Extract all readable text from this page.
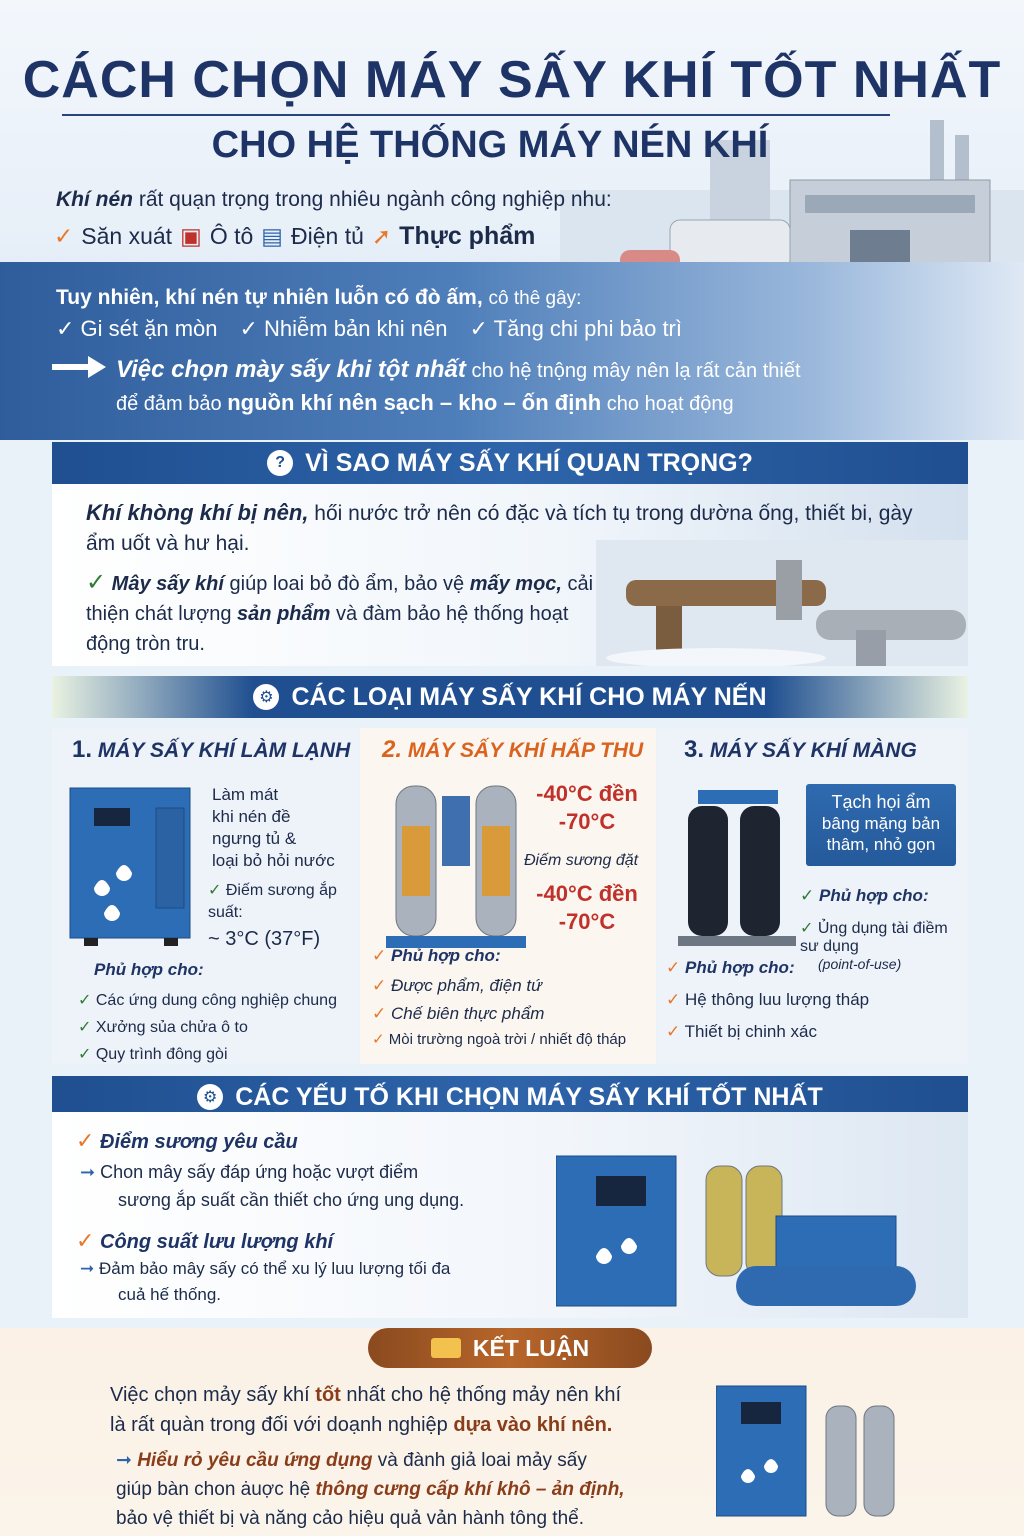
CÁCH CHỌN MÁY SẤY KHÍ TỐT NHẤT
CHO HỆ THỐNG MÁY NÉN KHÍ
Khí nén rất quạn trọng trong nhiêu ngành công nghiệp nhu:
✓ Săn xuát ▣ Ô tô ▤ Điện tủ ➚ Thực phẩm
Tuy nhiên, khí nén tự nhiên luỗn có đò ấm, cô thê gây:
✓ Gi sét ặn mòn ✓ Nhiễm bản khi nên ✓ Tăng chi phi bảo trì
Việc chọn mày sấy khi tột nhất cho hệ tnộng mây nên lạ rất cản thiết
để đảm bảo nguồn khí nên sạch – kho – ốn định cho hoạt động
? VÌ SAO MÁY SẤY KHÍ QUAN TRỌNG?
Khí khòng khí bị nên, hői nước trở nên có đặc và tích tụ trong dườna ống, thiết bi, gày ẩm uốt và hư hại.
✓ Mây sấy khí giúp loai bỏ đò ẩm, bảo vệ mấy mọc, cải thiện chát lượng sản phẩm và đàm bảo hệ thống hoạt động tròn tru.
⚙ CÁC LOẠI MÁY SẤY KHÍ CHO MÁY NẾN
1. MÁY SẤY KHÍ LÀM LẠNH
Làm mát
khi nén đề
ngưng tủ &
loại bỏ hỏi nước
✓ Điếm sương ắp suất:
~ 3°C (37°F)
Phủ hợp cho:
✓ Các ứng dung công nghiệp chung
✓ Xưởng sủa chửa ô to
✓ Quy trình đông gòi
2. MÁY SẤY KHÍ HẤP THU
-40°C đền
-70°C
Điếm sương đặt
-40°C đền
-70°C
✓ Phủ hợp cho:
✓ Được phẩm, điện tứ
✓ Chế biên thực phẩm
✓ Mòi trường ngoà trời / nhiết độ tháp
3. MÁY SẤY KHÍ MÀNG
Tạch họi ẩm
bâng mặng bản
thâm, nhỏ gọn
✓ Phủ hợp cho:
✓ Ủng dụng tài điềm sư dụng
(point-of-use)
✓ Phủ hợp cho:
✓ Hệ thông luu lượng tháp
✓ Thiết bị chinh xác
⚙ CÁC YẾU TỐ KHI CHỌN MÁY SẤY KHÍ TỐT NHẤT
✓ Điểm sương yêu cầu
➞ Chon mây sấy đáp ứng hoặc vượt điểm
sương ắp suất cần thiết cho ứng ung dụng.
✓ Công suất lưu lượng khí
➞ Đảm bảo mây sấy có thể xu lý luu lượng tối đa
cuả hế thống.
KẾT LUẬN
Việc chọn mảy sấy khí tốt nhất cho hệ thống mảy nên khí
là rất quàn trong đối với doạnh nghiệp dựa vào khí nên.
➞ Hiểu rỏ yêu cầu ứng dụng và đành giả loai mảy sấy
giúp bàn chon ȧuợc hệ thông cưng cấp khí khô – ản định,
bảo vệ thiết bị và năng cảo hiệu quả vản hành tông thể.
